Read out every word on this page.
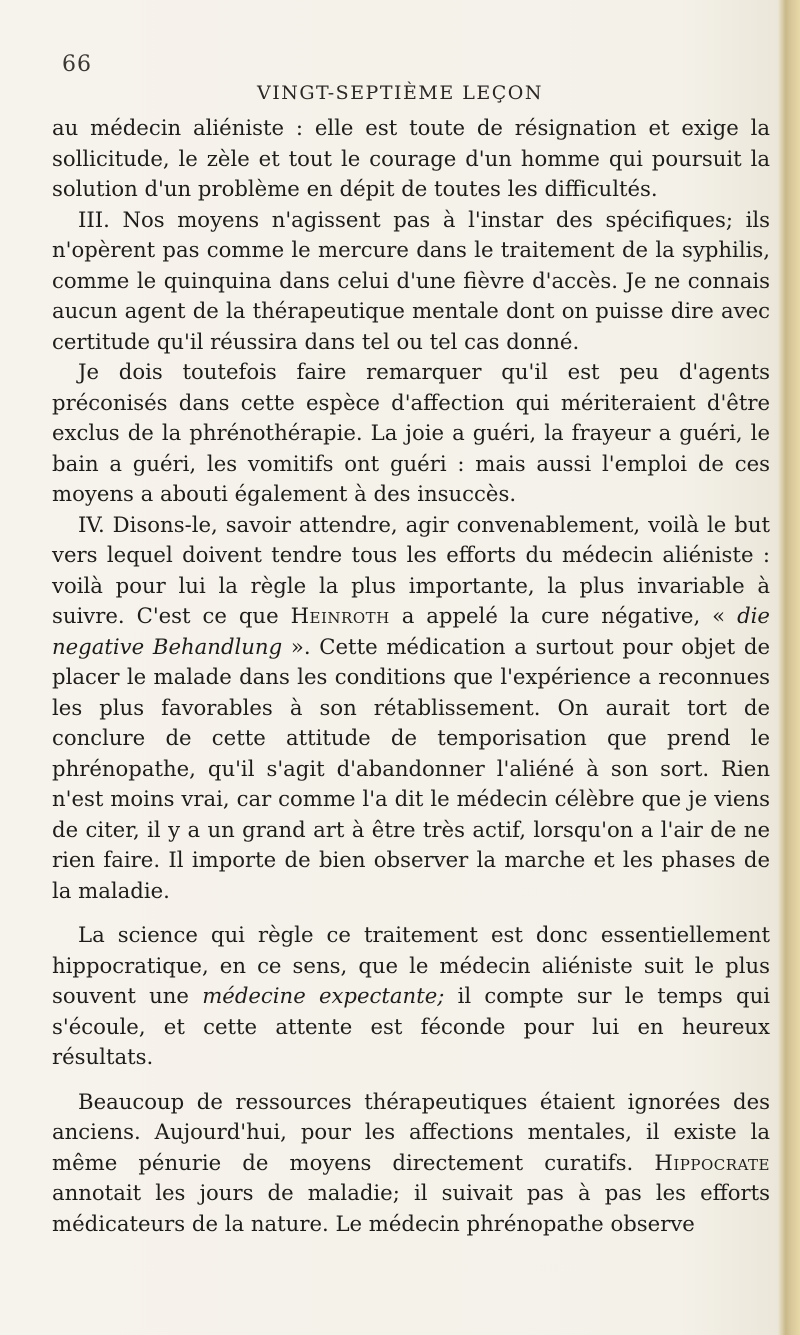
66
VINGT-SEPTIÈME LEÇON

au médecin aliéniste : elle est toute de résignation et exige la sollicitude, le zèle et tout le courage d'un homme qui poursuit la solution d'un problème en dépit de toutes les difficultés.

III. Nos moyens n'agissent pas à l'instar des spécifiques; ils n'opèrent pas comme le mercure dans le traitement de la syphilis, comme le quinquina dans celui d'une fièvre d'accès. Je ne connais aucun agent de la thérapeutique mentale dont on puisse dire avec certitude qu'il réussira dans tel ou tel cas donné.

Je dois toutefois faire remarquer qu'il est peu d'agents préconisés dans cette espèce d'affection qui mériteraient d'être exclus de la phrénothérapie. La joie a guéri, la frayeur a guéri, le bain a guéri, les vomitifs ont guéri : mais aussi l'emploi de ces moyens a abouti également à des insuccès.

IV. Disons-le, savoir attendre, agir convenablement, voilà le but vers lequel doivent tendre tous les efforts du médecin aliéniste : voilà pour lui la règle la plus importante, la plus invariable à suivre. C'est ce que Heinroth a appelé la cure négative, « die negative Behandlung ». Cette médication a surtout pour objet de placer le malade dans les conditions que l'expérience a reconnues les plus favorables à son rétablissement. On aurait tort de conclure de cette attitude de temporisation que prend le phrénopathe, qu'il s'agit d'abandonner l'aliéné à son sort. Rien n'est moins vrai, car comme l'a dit le médecin célèbre que je viens de citer, il y a un grand art à être très actif, lorsqu'on a l'air de ne rien faire. Il importe de bien observer la marche et les phases de la maladie.

La science qui règle ce traitement est donc essentiellement hippocratique, en ce sens, que le médecin aliéniste suit le plus souvent une médecine expectante; il compte sur le temps qui s'écoule, et cette attente est féconde pour lui en heureux résultats.

Beaucoup de ressources thérapeutiques étaient ignorées des anciens. Aujourd'hui, pour les affections mentales, il existe la même pénurie de moyens directement curatifs. Hippocrate annotait les jours de maladie; il suivait pas à pas les efforts médicateurs de la nature. Le médecin phrénopathe observe
